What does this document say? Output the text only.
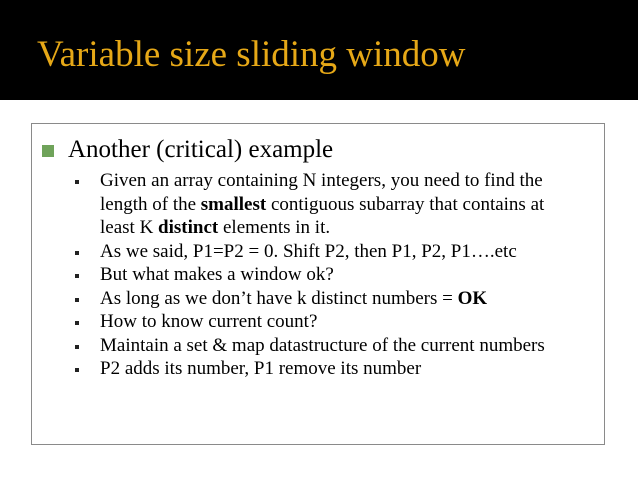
Variable size sliding window
Another (critical) example
Given an array containing N integers, you need to find the
length of the smallest contiguous subarray that contains at
least K distinct elements in it.
As we said, P1=P2 = 0. Shift P2, then P1, P2, P1….etc
But what makes a window ok?
As long as we don’t have k distinct numbers = OK
How to know current count?
Maintain a set & map datastructure of the current numbers
P2 adds its number, P1 remove its number
